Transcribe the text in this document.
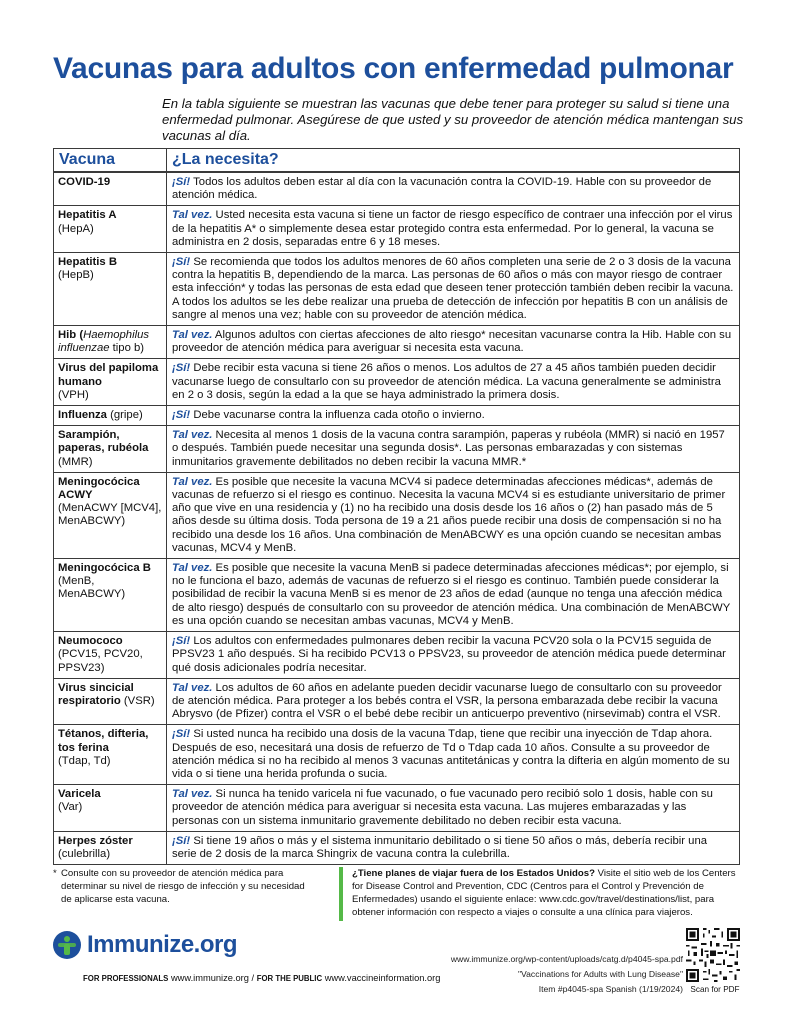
Vacunas para adultos con enfermedad pulmonar
En la tabla siguiente se muestran las vacunas que debe tener para proteger su salud si tiene una enfermedad pulmonar. Asegúrese de que usted y su proveedor de atención médica mantengan sus vacunas al día.
Vacuna	¿La necesita?
COVID-19	¡Sí! Todos los adultos deben estar al día con la vacunación contra la COVID-19. Hable con su proveedor de atención médica.
Hepatitis A
(HepA)	Tal vez. Usted necesita esta vacuna si tiene un factor de riesgo específico de contraer una infección por el virus de la hepatitis A* o simplemente desea estar protegido contra esta enfermedad. Por lo general, la vacuna se administra en 2 dosis, separadas entre 6 y 18 meses.
Hepatitis B
(HepB)	¡Sí! Se recomienda que todos los adultos menores de 60 años completen una serie de 2 o 3 dosis de la vacuna contra la hepatitis B, dependiendo de la marca. Las personas de 60 años o más con mayor riesgo de contraer esta infección* y todas las personas de esta edad que deseen tener protección también deben recibir la vacuna. A todos los adultos se les debe realizar una prueba de detección de infección por hepatitis B con un análisis de sangre al menos una vez; hable con su proveedor de atención médica.
Hib (Haemophilus influenzae tipo b)	Tal vez. Algunos adultos con ciertas afecciones de alto riesgo* necesitan vacunarse contra la Hib. Hable con su proveedor de atención médica para averiguar si necesita esta vacuna.
Virus del papiloma humano
(VPH)	¡Sí! Debe recibir esta vacuna si tiene 26 años o menos. Los adultos de 27 a 45 años también pueden decidir vacunarse luego de consultarlo con su proveedor de atención médica. La vacuna generalmente se administra en 2 o 3 dosis, según la edad a la que se haya administrado la primera dosis.
Influenza (gripe)	¡Sí! Debe vacunarse contra la influenza cada otoño o invierno.
Sarampión, paperas, rubéola
(MMR)	Tal vez. Necesita al menos 1 dosis de la vacuna contra sarampión, paperas y rubéola (MMR) si nació en 1957 o después. También puede necesitar una segunda dosis*. Las personas embarazadas y con sistemas inmunitarios gravemente debilitados no deben recibir la vacuna MMR.*
Meningocócica ACWY
(MenACWY [MCV4], MenABCWY)	Tal vez. Es posible que necesite la vacuna MCV4 si padece determinadas afecciones médicas*, además de vacunas de refuerzo si el riesgo es continuo. Necesita la vacuna MCV4 si es estudiante universitario de primer año que vive en una residencia y (1) no ha recibido una dosis desde los 16 años o (2) han pasado más de 5 años desde su última dosis. Toda persona de 19 a 21 años puede recibir una dosis de compensación si no ha recibido una desde los 16 años. Una combinación de MenABCWY es una opción cuando se necesitan ambas vacunas, MCV4 y MenB.
Meningocócica B
(MenB, MenABCWY)	Tal vez. Es posible que necesite la vacuna MenB si padece determinadas afecciones médicas*; por ejemplo, si no le funciona el bazo, además de vacunas de refuerzo si el riesgo es continuo. También puede considerar la posibilidad de recibir la vacuna MenB si es menor de 23 años de edad (aunque no tenga una afección médica de alto riesgo) después de consultarlo con su proveedor de atención médica. Una combinación de MenABCWY es una opción cuando se necesitan ambas vacunas, MCV4 y MenB.
Neumococo
(PCV15, PCV20, PPSV23)	¡Sí! Los adultos con enfermedades pulmonares deben recibir la vacuna PCV20 sola o la PCV15 seguida de PPSV23 1 año después. Si ha recibido PCV13 o PPSV23, su proveedor de atención médica puede determinar qué dosis adicionales podría necesitar.
Virus sincicial respiratorio (VSR)	Tal vez. Los adultos de 60 años en adelante pueden decidir vacunarse luego de consultarlo con su proveedor de atención médica. Para proteger a los bebés contra el VSR, la persona embarazada debe recibir la vacuna Abrysvo (de Pfizer) contra el VSR o el bebé debe recibir un anticuerpo preventivo (nirsevimab) contra el VSR.
Tétanos, difteria, tos ferina
(Tdap, Td)	¡Sí! Si usted nunca ha recibido una dosis de la vacuna Tdap, tiene que recibir una inyección de Tdap ahora. Después de eso, necesitará una dosis de refuerzo de Td o Tdap cada 10 años. Consulte a su proveedor de atención médica si no ha recibido al menos 3 vacunas antitetánicas y contra la difteria en algún momento de su vida o si tiene una herida profunda o sucia.
Varicela
(Var)	Tal vez. Si nunca ha tenido varicela ni fue vacunado, o fue vacunado pero recibió solo 1 dosis, hable con su proveedor de atención médica para averiguar si necesita esta vacuna. Las mujeres embarazadas y las personas con un sistema inmunitario gravemente debilitado no deben recibir esta vacuna.
Herpes zóster
(culebrilla)	¡Sí! Si tiene 19 años o más y el sistema inmunitario debilitado o si tiene 50 años o más, debería recibir una serie de 2 dosis de la marca Shingrix de vacuna contra la culebrilla.
* Consulte con su proveedor de atención médica para determinar su nivel de riesgo de infección y su necesidad de aplicarse esta vacuna.
¿Tiene planes de viajar fuera de los Estados Unidos? Visite el sitio web de los Centers for Disease Control and Prevention, CDC (Centros para el Control y Prevención de Enfermedades) usando el siguiente enlace: www.cdc.gov/travel/destinations/list, para obtener información con respecto a viajes o consulte a una clínica para viajeros.
Immunize.org
FOR PROFESSIONALS www.immunize.org / FOR THE PUBLIC www.vaccineinformation.org
www.immunize.org/wp-content/uploads/catg.d/p4045-spa.pdf
"Vaccinations for Adults with Lung Disease"
Item #p4045-spa Spanish (1/19/2024) Scan for PDF
